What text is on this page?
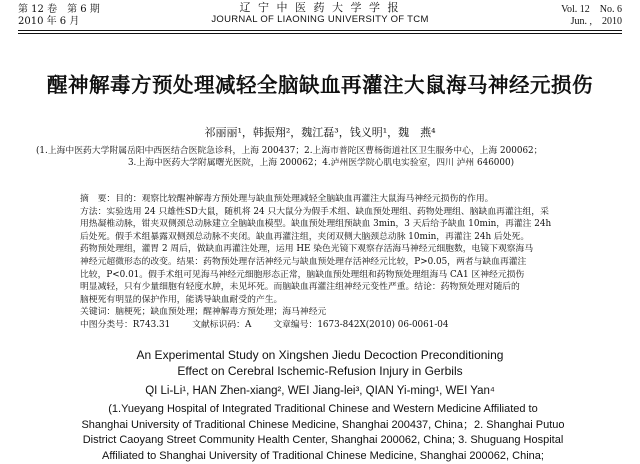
第 12 卷　第 6 期
2010 年 6 月
辽 宁 中 医 药 大 学 学 报
JOURNAL OF LIAONING UNIVERSITY OF TCM
Vol. 12　No. 6
Jun. ,　2010
醒神解毒方预处理减轻全脑缺血再灌注大鼠海马神经元损伤
祁丽丽¹，韩振翔²，魏江磊³，钱义明¹，魏　燕⁴
(1.上海中医药大学附属岳阳中西医结合医院急诊科，上海 200437；2.上海市普陀区曹杨街道社区卫生服务中心，上海 200062；
3.上海中医药大学附属曙光医院，上海 200062；4.泸州医学院心肌电实验室，四川 泸州 646000)
摘　要：目的：观察比较醒神解毒方预处理与缺血预处理减轻全脑缺血再灌注大鼠海马神经元损伤的作用。
方法：实验选用 24 只雄性SD大鼠，随机将 24 只大鼠分为假手术组、缺血预处理组、药物处理组、脑缺血再灌注组，采
用热凝椎动脉，钳夹双侧颈总动脉建立全脑缺血模型。缺血预处理组预缺血 3min，3 天后给予缺血 10min，再灌注 24h
后处死。假手术组暴露双侧颈总动脉不夹闭。缺血再灌注组，夹闭双侧大脑颈总动脉 10min，再灌注 24h 后处死。
药物预处理组，灌胃 2 周后，做缺血再灌注处理，运用 HE 染色光镜下观察存活海马神经元细胞数，电镜下观察海马
神经元超微形态的改变。结果：药物预处理存活神经元与缺血预处理存活神经元比较，P>0.05，两者与缺血再灌注
比较，P<0.01。假手术组可见海马神经元细胞形态正常，脑缺血预处理组和药物预处理组海马 CA1 区神经元损伤
明显减轻，只有少量细胞有轻度水肿，未见坏死。而脑缺血再灌注组神经元变性严重。结论：药物预处理对随后的
脑梗死有明显的保护作用，能诱导缺血耐受的产生。
关键词：脑梗死；缺血预处理；醒神解毒方预处理；海马神经元
中图分类号：R743.31	文献标识码：A	文章编号：1673-842X(2010) 06-0061-04
An Experimental Study on Xingshen Jiedu Decoction Preconditioning
Effect on Cerebral Ischemic-Refusion Injury in Gerbils
QI Li-Li¹, HAN Zhen-xiang², WEI Jiang-lei³, QIAN Yi-ming¹, WEI Yan⁴
(1.Yueyang Hospital of Integrated Traditional Chinese and Western Medicine Affiliated to
Shanghai University of Traditional Chinese Medicine, Shanghai 200437, China；2. Shanghai Putuo
District Caoyang Street Community Health Center, Shanghai 200062, China; 3. Shuguang Hospital
Affiliated to Shanghai University of Traditional Chinese Medicine, Shanghai 200062, China;
